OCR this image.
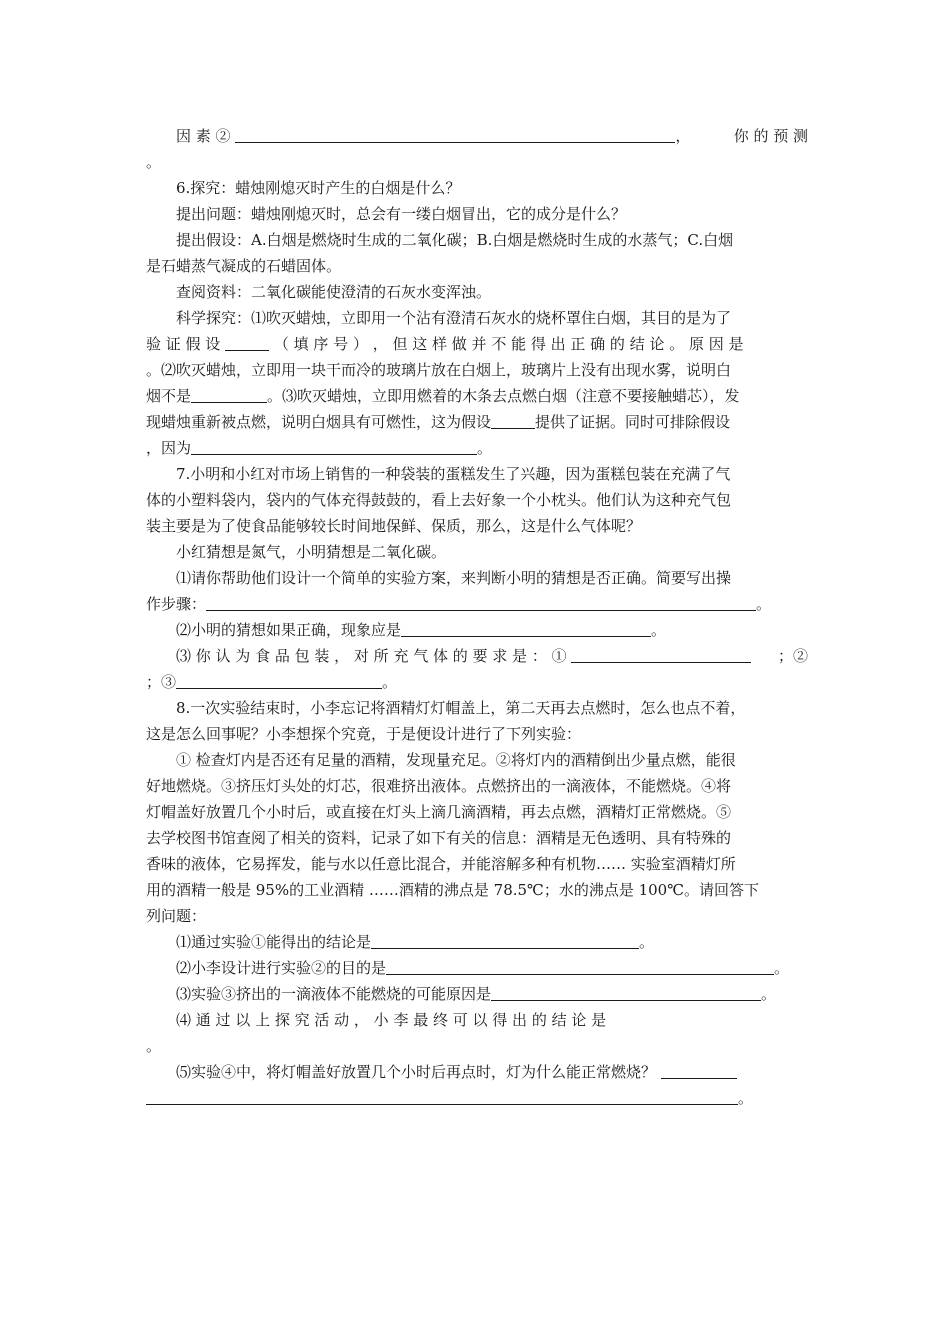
因 素 ②	，	你 的 预 测
。
6.探究：蜡烛刚熄灭时产生的白烟是什么？
提出问题：蜡烛刚熄灭时，总会有一缕白烟冒出，它的成分是什么？
提出假设：A.白烟是燃烧时生成的二氧化碳；B.白烟是燃烧时生成的水蒸气；C.白烟
是石蜡蒸气凝成的石蜡固体。
查阅资料：二氧化碳能使澄清的石灰水变浑浊。
科学探究：⑴吹灭蜡烛，立即用一个沾有澄清石灰水的烧杯罩住白烟，其目的是为了
验 证 假 设	（ 填 序 号 ） ， 但 这 样 做 并 不 能 得 出 正 确 的 结 论 。 原 因 是
。⑵吹灭蜡烛，立即用一块干而冷的玻璃片放在白烟上，玻璃片上没有出现水雾，说明白
烟不是	。⑶吹灭蜡烛，立即用燃着的木条去点燃白烟（注意不要接触蜡芯），发
现蜡烛重新被点燃，说明白烟具有可燃性，这为假设	提供了证据。同时可排除假设
，因为	。
7.小明和小红对市场上销售的一种袋装的蛋糕发生了兴趣，因为蛋糕包装在充满了气
体的小塑料袋内，袋内的气体充得鼓鼓的，看上去好象一个小枕头。他们认为这种充气包
装主要是为了使食品能够较长时间地保鲜、保质，那么，这是什么气体呢？
小红猜想是氮气，小明猜想是二氧化碳。
⑴请你帮助他们设计一个简单的实验方案，来判断小明的猜想是否正确。简要写出操
作步骤：	。
⑵小明的猜想如果正确，现象应是	。
⑶ 你 认 为 食 品 包 装 ， 对 所 充 气 体 的 要 求 是 ： ①	；②
；③	。
8.一次实验结束时，小李忘记将酒精灯灯帽盖上，第二天再去点燃时，怎么也点不着，
这是怎么回事呢？小李想探个究竟，于是便设计进行了下列实验：
① 检查灯内是否还有足量的酒精，发现量充足。②将灯内的酒精倒出少量点燃，能很
好地燃烧。③挤压灯头处的灯芯，很难挤出液体。点燃挤出的一滴液体，不能燃烧。④将
灯帽盖好放置几个小时后，或直接在灯头上滴几滴酒精，再去点燃，酒精灯正常燃烧。⑤
去学校图书馆查阅了相关的资料，记录了如下有关的信息：酒精是无色透明、具有特殊的
香味的液体，它易挥发，能与水以任意比混合，并能溶解多种有机物…… 实验室酒精灯所
用的酒精一般是 95%的工业酒精 ……酒精的沸点是 78.5℃；水的沸点是 100℃。请回答下
列问题：
⑴通过实验①能得出的结论是	。
⑵小李设计进行实验②的目的是	。
⑶实验③挤出的一滴液体不能燃烧的可能原因是	。
⑷ 通 过 以 上 探 究 活 动 ， 小 李 最 终 可 以 得 出 的 结 论 是
。
⑸实验④中，将灯帽盖好放置几个小时后再点时，灯为什么能正常燃烧？
。
